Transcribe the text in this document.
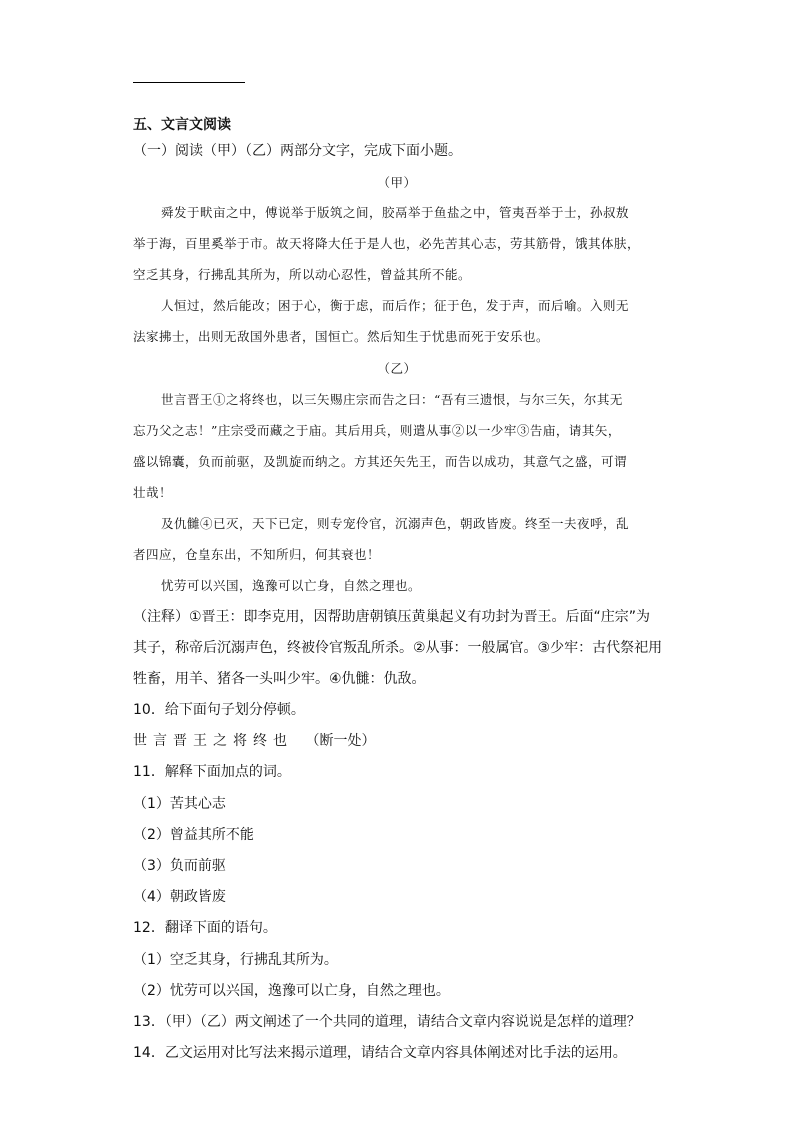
五、文言文阅读
（一）阅读（甲）（乙）两部分文字，完成下面小题。
（甲）
舜发于畎亩之中，傅说举于版筑之间，胶鬲举于鱼盐之中，管夷吾举于士，孙叔敖
举于海，百里奚举于市。故天将降大任于是人也，必先苦其心志，劳其筋骨，饿其体肤，
空乏其身，行拂乱其所为，所以动心忍性，曾益其所不能。
人恒过，然后能改；困于心，衡于虑，而后作；征于色，发于声，而后喻。入则无
法家拂士，出则无敌国外患者，国恒亡。然后知生于忧患而死于安乐也。
（乙）
世言晋王①之将终也，以三矢赐庄宗而告之曰：“吾有三遗恨，与尔三矢，尔其无
忘乃父之志！”庄宗受而藏之于庙。其后用兵，则遣从事②以一少牢③告庙，请其矢，
盛以锦囊，负而前驱，及凯旋而纳之。方其还矢先王，而告以成功，其意气之盛，可谓
壮哉！
及仇雠④已灭，天下已定，则专宠伶官，沉溺声色，朝政皆废。终至一夫夜呼，乱
者四应，仓皇东出，不知所归，何其衰也！
忧劳可以兴国，逸豫可以亡身，自然之理也。
（注释）①晋王：即李克用，因帮助唐朝镇压黄巢起义有功封为晋王。后面“庄宗”为
其子，称帝后沉溺声色，终被伶官叛乱所杀。②从事：一般属官。③少牢：古代祭祀用
牲畜，用羊、猪各一头叫少牢。④仇雠：仇敌。
10．给下面句子划分停顿。
世言晋王之将终也 （断一处）
11．解释下面加点的词。
（1）苦其心志
（2）曾益其所不能
（3）负而前驱
（4）朝政皆废
12．翻译下面的语句。
（1）空乏其身，行拂乱其所为。
（2）忧劳可以兴国，逸豫可以亡身，自然之理也。
13．（甲）（乙）两文阐述了一个共同的道理，请结合文章内容说说是怎样的道理？
14．乙文运用对比写法来揭示道理，请结合文章内容具体阐述对比手法的运用。
